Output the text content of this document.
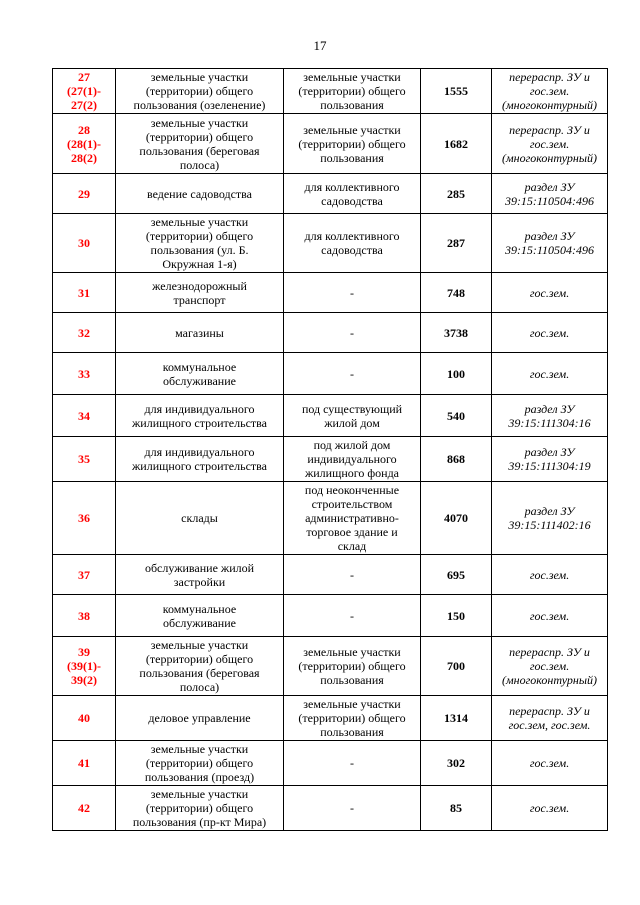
17
27
(27(1)-
27(2)	земельные участки
(территории) общего
пользования (озеленение)	земельные участки
(территории) общего
пользования	1555	перераспр. ЗУ и
гос.зем.
(многоконтурный)
28
(28(1)-
28(2)	земельные участки
(территории) общего
пользования (береговая
полоса)	земельные участки
(территории) общего
пользования	1682	перераспр. ЗУ и
гос.зем.
(многоконтурный)
29	ведение садоводства	для коллективного
садоводства	285	раздел ЗУ
39:15:110504:496
30	земельные участки
(территории) общего
пользования (ул. Б.
Окружная 1-я)	для коллективного
садоводства	287	раздел ЗУ
39:15:110504:496
31	железнодорожный
транспорт	-	748	гос.зем.
32	магазины	-	3738	гос.зем.
33	коммунальное
обслуживание	-	100	гос.зем.
34	для индивидуального
жилищного строительства	под существующий
жилой дом	540	раздел ЗУ
39:15:111304:16
35	для индивидуального
жилищного строительства	под жилой дом
индивидуального
жилищного фонда	868	раздел ЗУ
39:15:111304:19
36	склады	под неоконченные
строительством
административно-
торговое здание и
склад	4070	раздел ЗУ
39:15:111402:16
37	обслуживание жилой
застройки	-	695	гос.зем.
38	коммунальное
обслуживание	-	150	гос.зем.
39
(39(1)-
39(2)	земельные участки
(территории) общего
пользования (береговая
полоса)	земельные участки
(территории) общего
пользования	700	перераспр. ЗУ и
гос.зем.
(многоконтурный)
40	деловое управление	земельные участки
(территории) общего
пользования	1314	перераспр. ЗУ и
гос.зем, гос.зем.
41	земельные участки
(территории) общего
пользования (проезд)	-	302	гос.зем.
42	земельные участки
(территории) общего
пользования (пр-кт Мира)	-	85	гос.зем.
